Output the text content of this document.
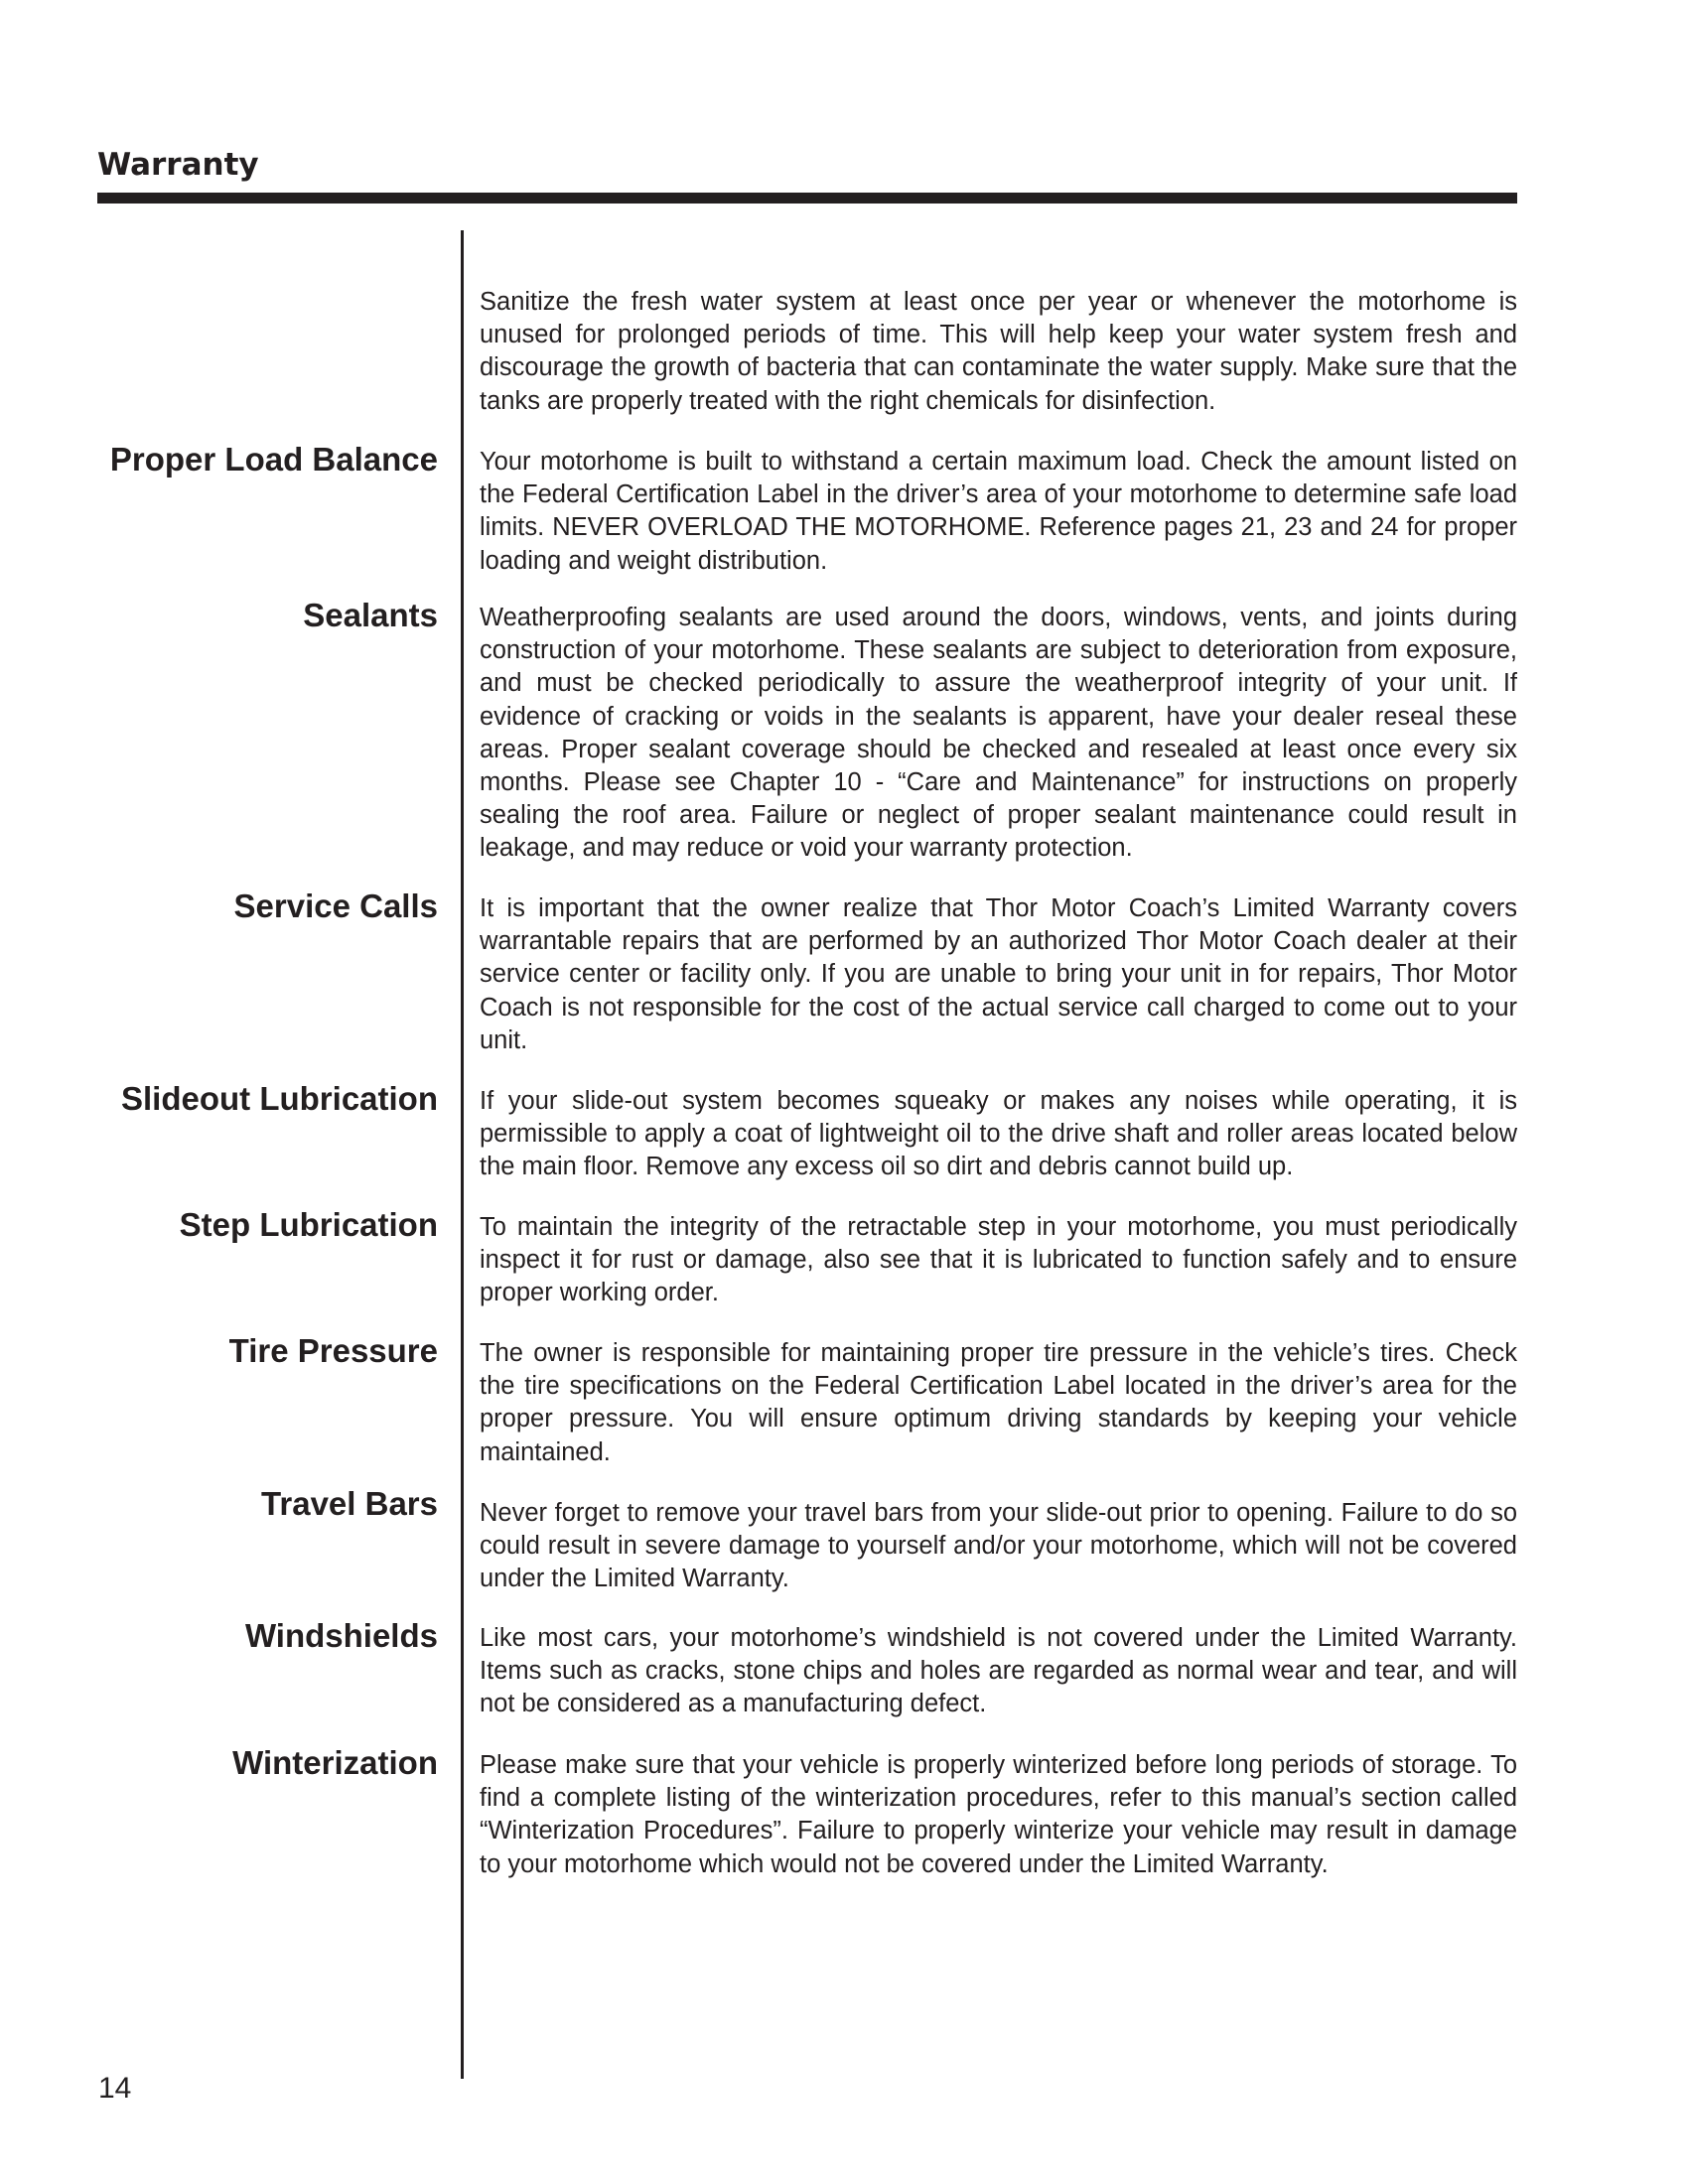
Warranty

Sanitize the fresh water system at least once per year or whenever the motorhome is unused for prolonged periods of time. This will help keep your water system fresh and discourage the growth of bacteria that can contaminate the water supply. Make sure that the tanks are properly treated with the right chemicals for disinfection.

Proper Load Balance Your motorhome is built to withstand a certain maximum load. Check the amount listed on the Federal Certification Label in the driver’s area of your motorhome to determine safe load limits. NEVER OVERLOAD THE MOTORHOME. Reference pages 21, 23 and 24 for proper loading and weight distribution.

Sealants Weatherproofing sealants are used around the doors, windows, vents, and joints during construction of your motorhome. These sealants are subject to deterioration from exposure, and must be checked periodically to assure the weatherproof integrity of your unit. If evidence of cracking or voids in the sealants is apparent, have your dealer reseal these areas. Proper sealant coverage should be checked and resealed at least once every six months. Please see Chapter 10 - “Care and Maintenance” for instructions on properly sealing the roof area. Failure or neglect of proper sealant maintenance could result in leakage, and may reduce or void your warranty protection.

Service Calls It is important that the owner realize that Thor Motor Coach’s Limited Warranty covers warrantable repairs that are performed by an authorized Thor Motor Coach dealer at their service center or facility only. If you are unable to bring your unit in for repairs, Thor Motor Coach is not responsible for the cost of the actual service call charged to come out to your unit.

Slideout Lubrication If your slide-out system becomes squeaky or makes any noises while operating, it is permissible to apply a coat of lightweight oil to the drive shaft and roller areas located below the main floor. Remove any excess oil so dirt and debris cannot build up.

Step Lubrication To maintain the integrity of the retractable step in your motorhome, you must periodically inspect it for rust or damage, also see that it is lubricated to function safely and to ensure proper working order.

Tire Pressure The owner is responsible for maintaining proper tire pressure in the vehicle’s tires. Check the tire specifications on the Federal Certification Label located in the driver’s area for the proper pressure. You will ensure optimum driving standards by keeping your vehicle maintained.

Travel Bars Never forget to remove your travel bars from your slide-out prior to opening. Failure to do so could result in severe damage to yourself and/or your motorhome, which will not be covered under the Limited Warranty.

Windshields Like most cars, your motorhome’s windshield is not covered under the Limited Warranty. Items such as cracks, stone chips and holes are regarded as normal wear and tear, and will not be considered as a manufacturing defect.

Winterization Please make sure that your vehicle is properly winterized before long periods of storage. To find a complete listing of the winterization procedures, refer to this manual’s section called “Winterization Procedures”. Failure to properly winterize your vehicle may result in damage to your motorhome which would not be covered under the Limited Warranty.

14
